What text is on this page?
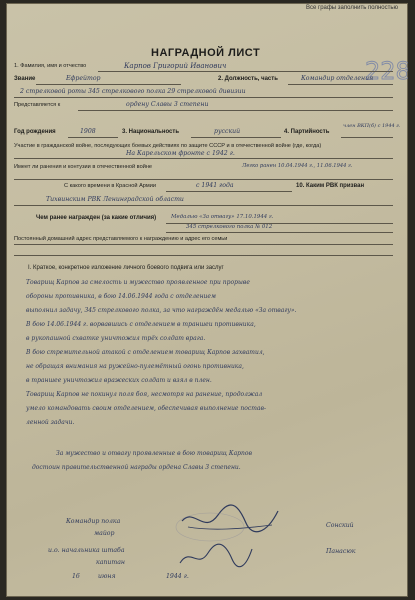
Все графы заполнить полностью
228
НАГРАДНОЙ ЛИСТ
1. Фамилия, имя и отчество	Карпов Григорий Иванович
Звание	Ефрейтор	2. Должность, часть	Командир отделения
2 стрелковой роты 345 стрелкового полка 29 стрелковой дивизии
Представляется к	ордену Славы 3 степени
Год рождения	1908	3. Национальность	русский	4. Партийность
член ВКП(б) с 1944 г.
Участие в гражданской войне, последующих боевых действиях по защите СССР и в отечественной войне (где, когда)
На Карельском фронте с 1942 г.
Имеет ли ранения и контузии в отечественной войне	Легко ранен 10.04.1944 г., 11.06.1944 г.
С какого времени в Красной Армии	с 1941 года	10. Каким РВК призван
Тихвинским РВК Ленинградской области
Чем ранее награжден (за какие отличия)	Медалью «За отвагу» 17.10.1944 г.
345 стрелкового полка № 012
Постоянный домашний адрес представляемого к награждению и адрес его семьи
I. Краткое, конкретное изложение личного боевого подвига или заслуг
Товарищ Карпов за смелость и мужество проявленное при прорыве
обороны противника, в бою 14.06.1944 года с отделением
выполнил задачу, 345 стрелкового полка, за что награждён медалью «За отвагу».
В бою 14.06.1944 г. ворвавшись с отделением в траншеи противника,
в рукопашной схватке уничтожил трёх солдат врага.
В бою стремительной атакой с отделением товарищ Карпов захватил,
не обращая внимания на ружейно-пулемётный огонь противника,
в траншее уничтожил вражеских солдат и взял в плен.
Товарищ Карпов не покинул поля боя, несмотря на ранение, продолжал
умело командовать своим отделением, обеспечивая выполнение постав-
ленной задачи.
За мужество и отвагу проявленные в бою товарищ Карпов
достоин правительственной награды ордена Славы 3 степени.
Командир полка
майор
Сонский
и.о. начальника штаба
капитан
Панасюк
16	июня	1944 г.
